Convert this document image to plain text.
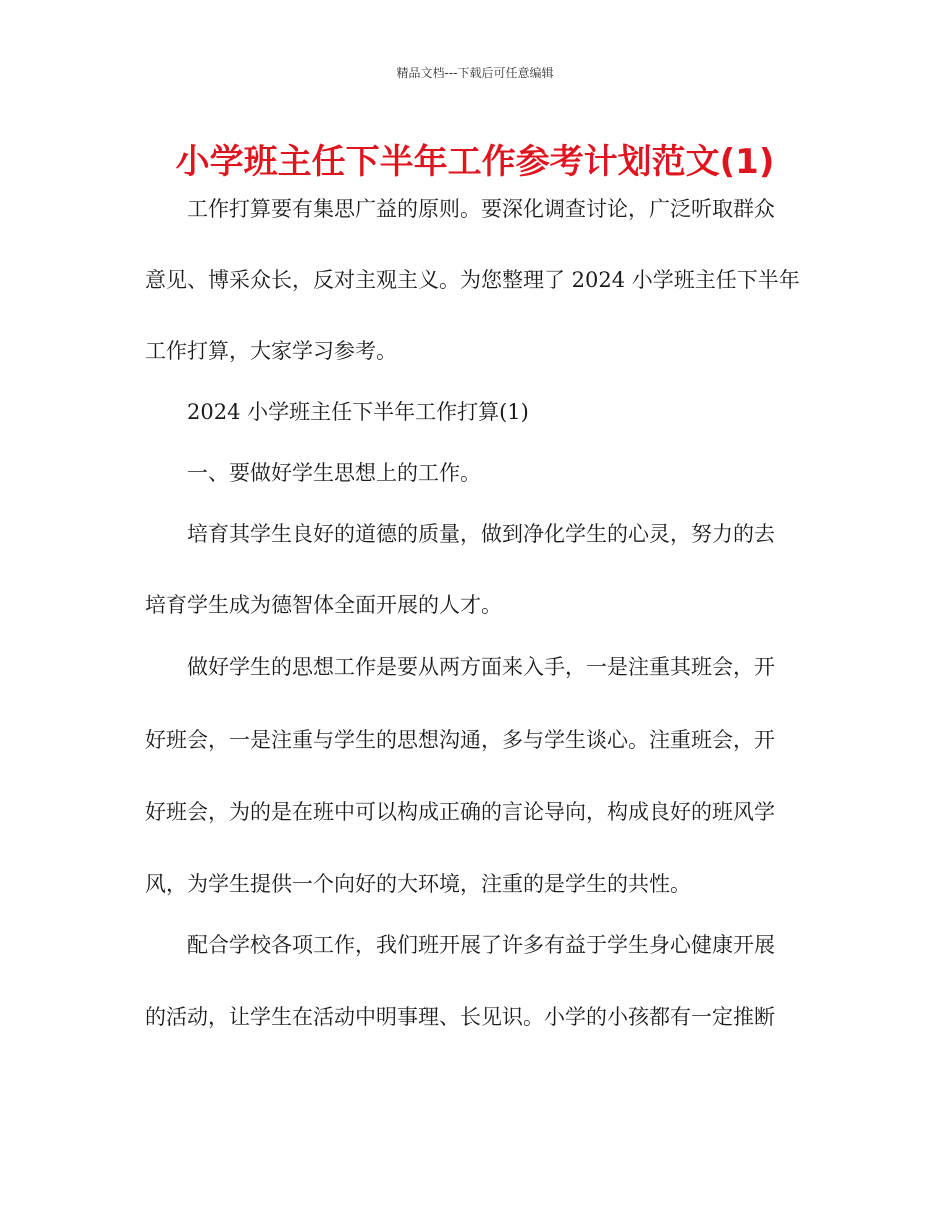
精品文档---下载后可任意编辑
小学班主任下半年工作参考计划范文(1)
工作打算要有集思广益的原则。要深化调查讨论，广泛听取群众
意见、博采众长，反对主观主义。为您整理了 2024 小学班主任下半年
工作打算，大家学习参考。
2024 小学班主任下半年工作打算(1)
一、要做好学生思想上的工作。
培育其学生良好的道德的质量，做到净化学生的心灵，努力的去
培育学生成为德智体全面开展的人才。
做好学生的思想工作是要从两方面来入手，一是注重其班会，开
好班会，一是注重与学生的思想沟通，多与学生谈心。注重班会，开
好班会，为的是在班中可以构成正确的言论导向，构成良好的班风学
风，为学生提供一个向好的大环境，注重的是学生的共性。
配合学校各项工作，我们班开展了许多有益于学生身心健康开展
的活动，让学生在活动中明事理、长见识。小学的小孩都有一定推断
